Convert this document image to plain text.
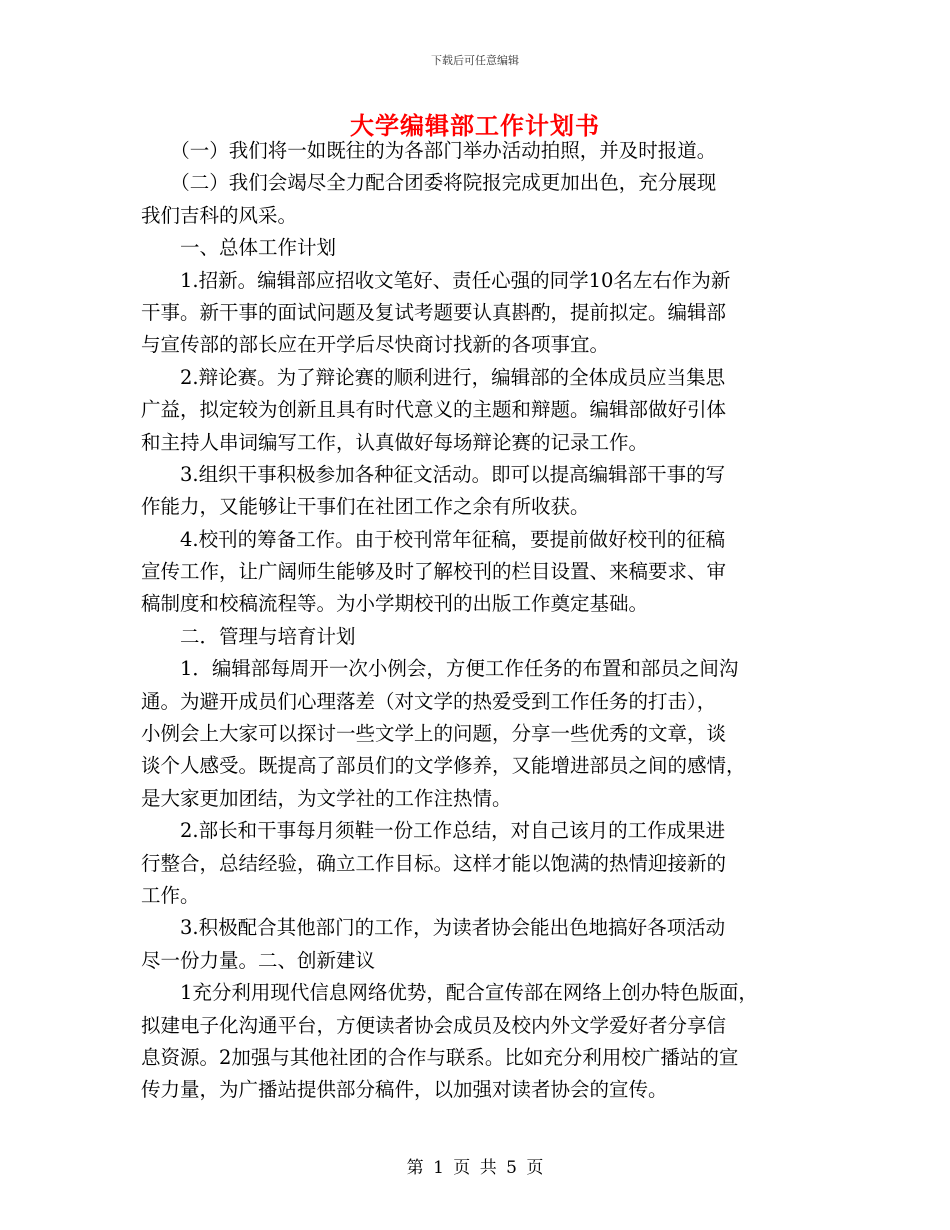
下载后可任意编辑
大学编辑部工作计划书
　　（一）我们将一如既往的为各部门举办活动拍照，并及时报道。
　　（二）我们会竭尽全力配合团委将院报完成更加出色，充分展现
我们吉科的风采。
　　一、总体工作计划
　　1.招新。编辑部应招收文笔好、责任心强的同学10名左右作为新
干事。新干事的面试问题及复试考题要认真斟酌，提前拟定。编辑部
与宣传部的部长应在开学后尽快商讨找新的各项事宜。
　　2.辩论赛。为了辩论赛的顺利进行，编辑部的全体成员应当集思
广益，拟定较为创新且具有时代意义的主题和辩题。编辑部做好引体
和主持人串词编写工作，认真做好每场辩论赛的记录工作。
　　3.组织干事积极参加各种征文活动。即可以提高编辑部干事的写
作能力，又能够让干事们在社团工作之余有所收获。
　　4.校刊的筹备工作。由于校刊常年征稿，要提前做好校刊的征稿
宣传工作，让广阔师生能够及时了解校刊的栏目设置、来稿要求、审
稿制度和校稿流程等。为小学期校刊的出版工作奠定基础。
　　二．管理与培育计划
　　1．编辑部每周开一次小例会，方便工作任务的布置和部员之间沟
通。为避开成员们心理落差（对文学的热爱受到工作任务的打击），
小例会上大家可以探讨一些文学上的问题，分享一些优秀的文章，谈
谈个人感受。既提高了部员们的文学修养，又能增进部员之间的感情，
是大家更加团结，为文学社的工作注热情。
　　2.部长和干事每月须鞋一份工作总结，对自己该月的工作成果进
行整合，总结经验，确立工作目标。这样才能以饱满的热情迎接新的
工作。
　　3.积极配合其他部门的工作，为读者协会能出色地搞好各项活动
尽一份力量。二、创新建议
　　1充分利用现代信息网络优势，配合宣传部在网络上创办特色版面，
拟建电子化沟通平台，方便读者协会成员及校内外文学爱好者分享信
息资源。2加强与其他社团的合作与联系。比如充分利用校广播站的宣
传力量，为广播站提供部分稿件，以加强对读者协会的宣传。
第 1 页 共 5 页
